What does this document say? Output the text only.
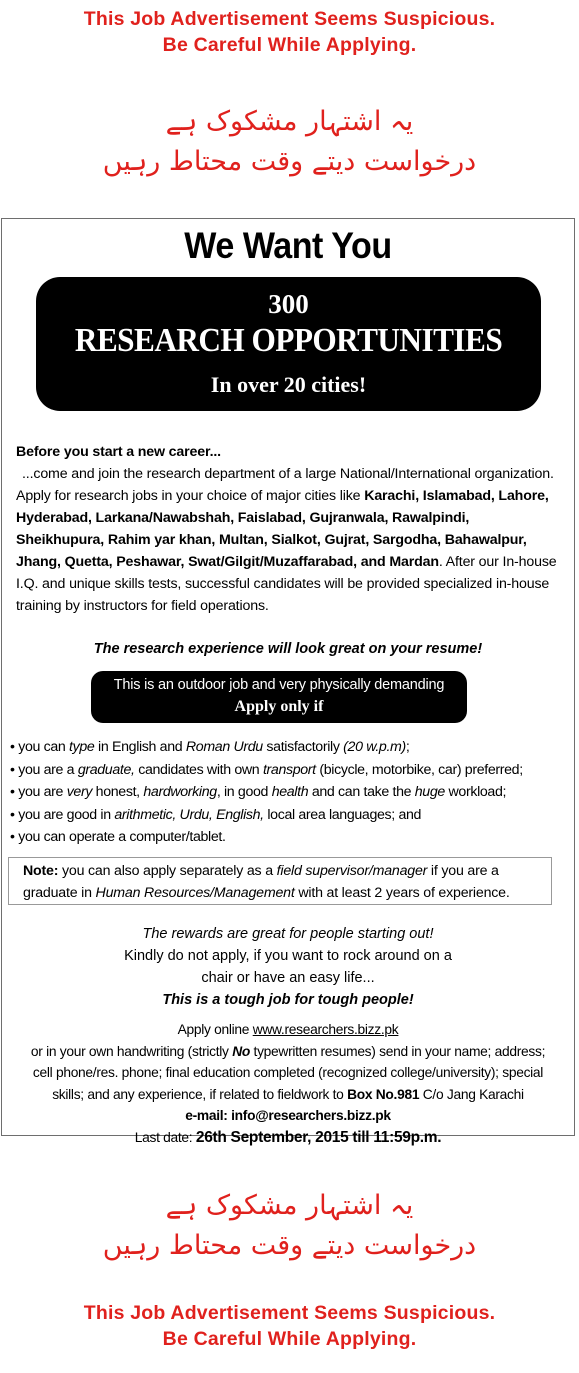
This Job Advertisement Seems Suspicious.
Be Careful While Applying.
یہ اشتہار مشکوک ہے
درخواست دیتے وقت محتاط رہیں
We Want You
300
RESEARCH OPPORTUNITIES
In over 20 cities!

Before you start a new career...

...come and join the research department of a large National/International organization. Apply for research jobs in your choice of major cities like Karachi, Islamabad, Lahore, Hyderabad, Larkana/Nawabshah, Faislabad, Gujranwala, Rawalpindi, Sheikhupura, Rahim yar khan, Multan, Sialkot, Gujrat, Sargodha, Bahawalpur, Jhang, Quetta, Peshawar, Swat/Gilgit/Muzaffarabad, and Mardan. After our In-house I.Q. and unique skills tests, successful candidates will be provided specialized in-house training by instructors for field operations.

The research experience will look great on your resume!
This is an outdoor job and very physically demanding
Apply only if
• you can type in English and Roman Urdu satisfactorily (20 w.p.m);
• you are a graduate, candidates with own transport (bicycle, motorbike, car) preferred;
• you are very honest, hardworking, in good health and can take the huge workload;
• you are good in arithmetic, Urdu, English, local area languages; and
• you can operate a computer/tablet.
Note: you can also apply separately as a field supervisor/manager if you are a graduate in Human Resources/Management with at least 2 years of experience.
The rewards are great for people starting out!
Kindly do not apply, if you want to rock around on a
chair or have an easy life...
This is a tough job for tough people!
Apply online www.researchers.bizz.pk
or in your own handwriting (strictly No typewritten resumes) send in your name; address;
cell phone/res. phone; final education completed (recognized college/university); special
skills; and any experience, if related to fieldwork to Box No.981 C/o Jang Karachi
e-mail: info@researchers.bizz.pk
Last date: 26th September, 2015 till 11:59p.m.
یہ اشتہار مشکوک ہے
درخواست دیتے وقت محتاط رہیں
This Job Advertisement Seems Suspicious.
Be Careful While Applying.
